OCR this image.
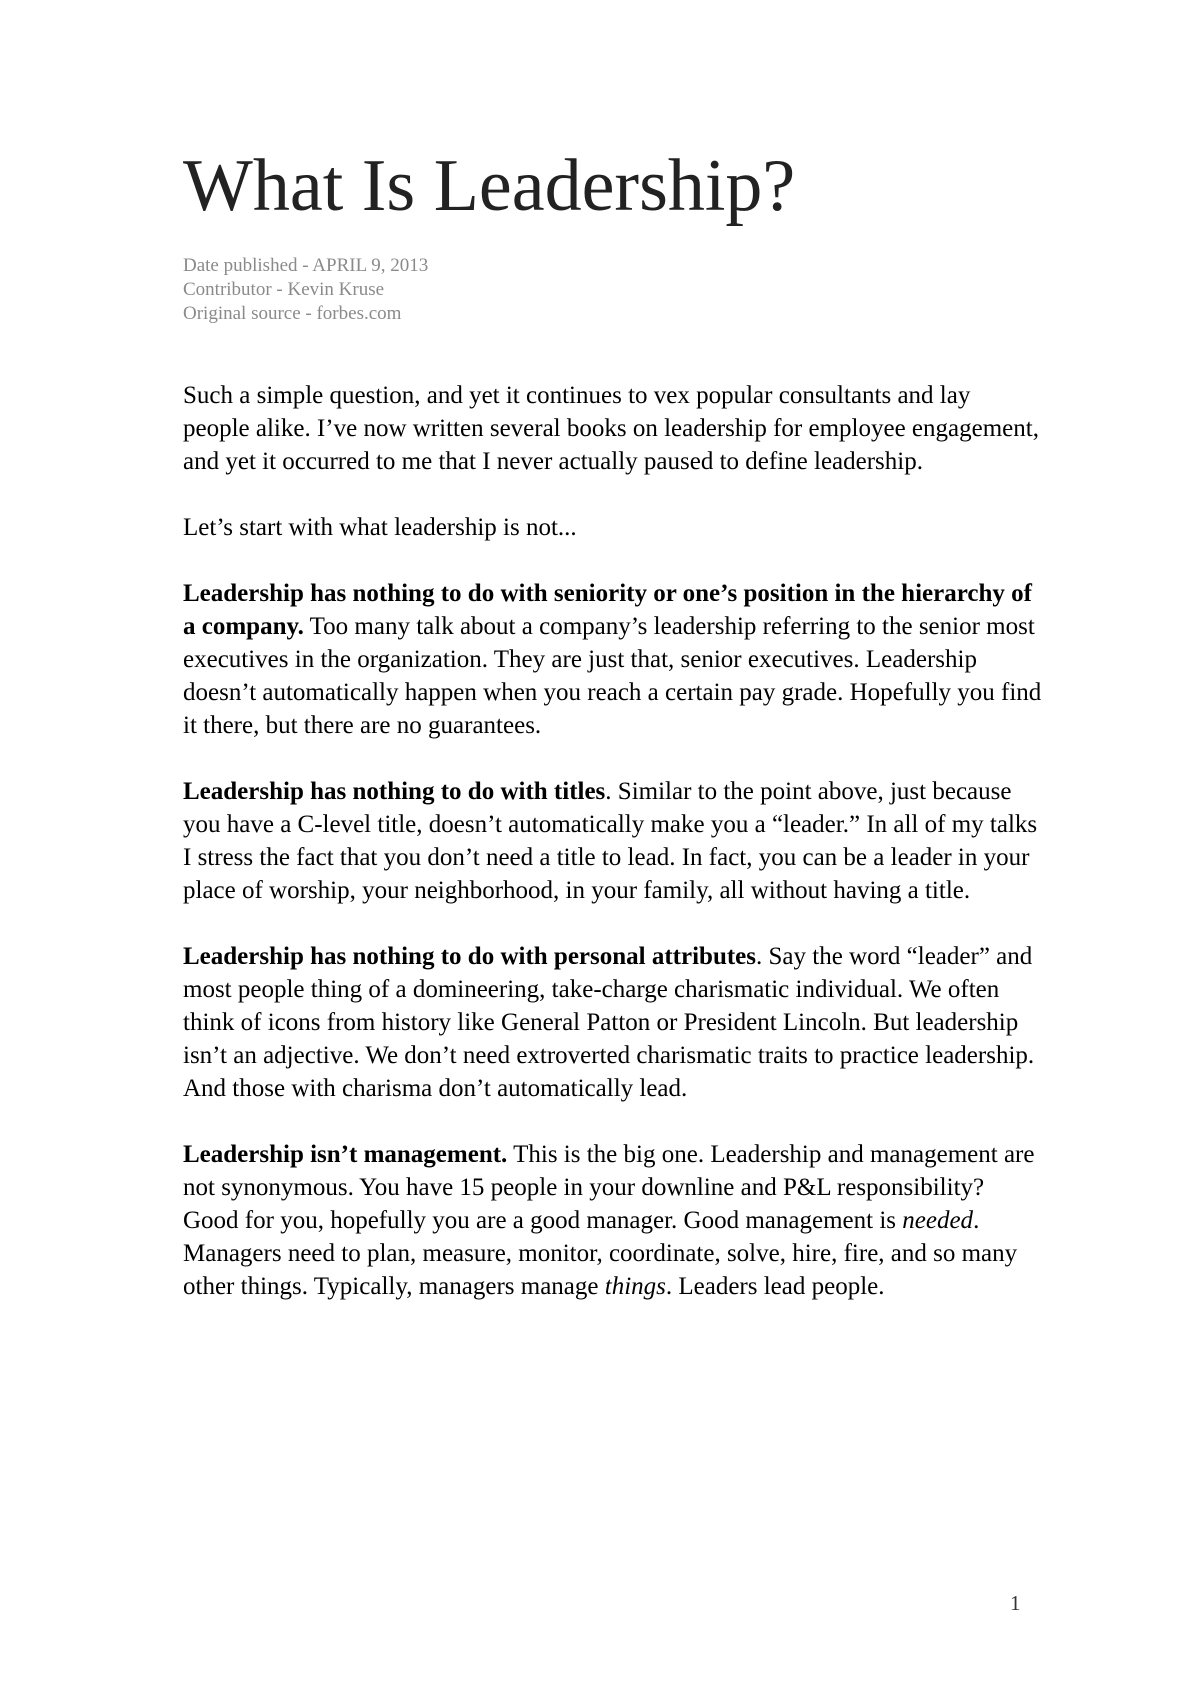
What Is Leadership?
Date published - APRIL 9, 2013
Contributor - Kevin Kruse
Original source - forbes.com

Such a simple question, and yet it continues to vex popular consultants and lay people alike. I’ve now written several books on leadership for employee engagement, and yet it occurred to me that I never actually paused to define leadership.

Let’s start with what leadership is not...

Leadership has nothing to do with seniority or one’s position in the hierarchy of a company. Too many talk about a company’s leadership referring to the senior most executives in the organization. They are just that, senior executives. Leadership doesn’t automatically happen when you reach a certain pay grade. Hopefully you find it there, but there are no guarantees.

Leadership has nothing to do with titles. Similar to the point above, just because you have a C-level title, doesn’t automatically make you a “leader.” In all of my talks I stress the fact that you don’t need a title to lead. In fact, you can be a leader in your place of worship, your neighborhood, in your family, all without having a title.

Leadership has nothing to do with personal attributes. Say the word “leader” and most people thing of a domineering, take-charge charismatic individual. We often think of icons from history like General Patton or President Lincoln. But leadership isn’t an adjective. We don’t need extroverted charismatic traits to practice leadership. And those with charisma don’t automatically lead.

Leadership isn’t management. This is the big one. Leadership and management are not synonymous. You have 15 people in your downline and P&L responsibility? Good for you, hopefully you are a good manager. Good management is needed. Managers need to plan, measure, monitor, coordinate, solve, hire, fire, and so many other things. Typically, managers manage things. Leaders lead people.

1
